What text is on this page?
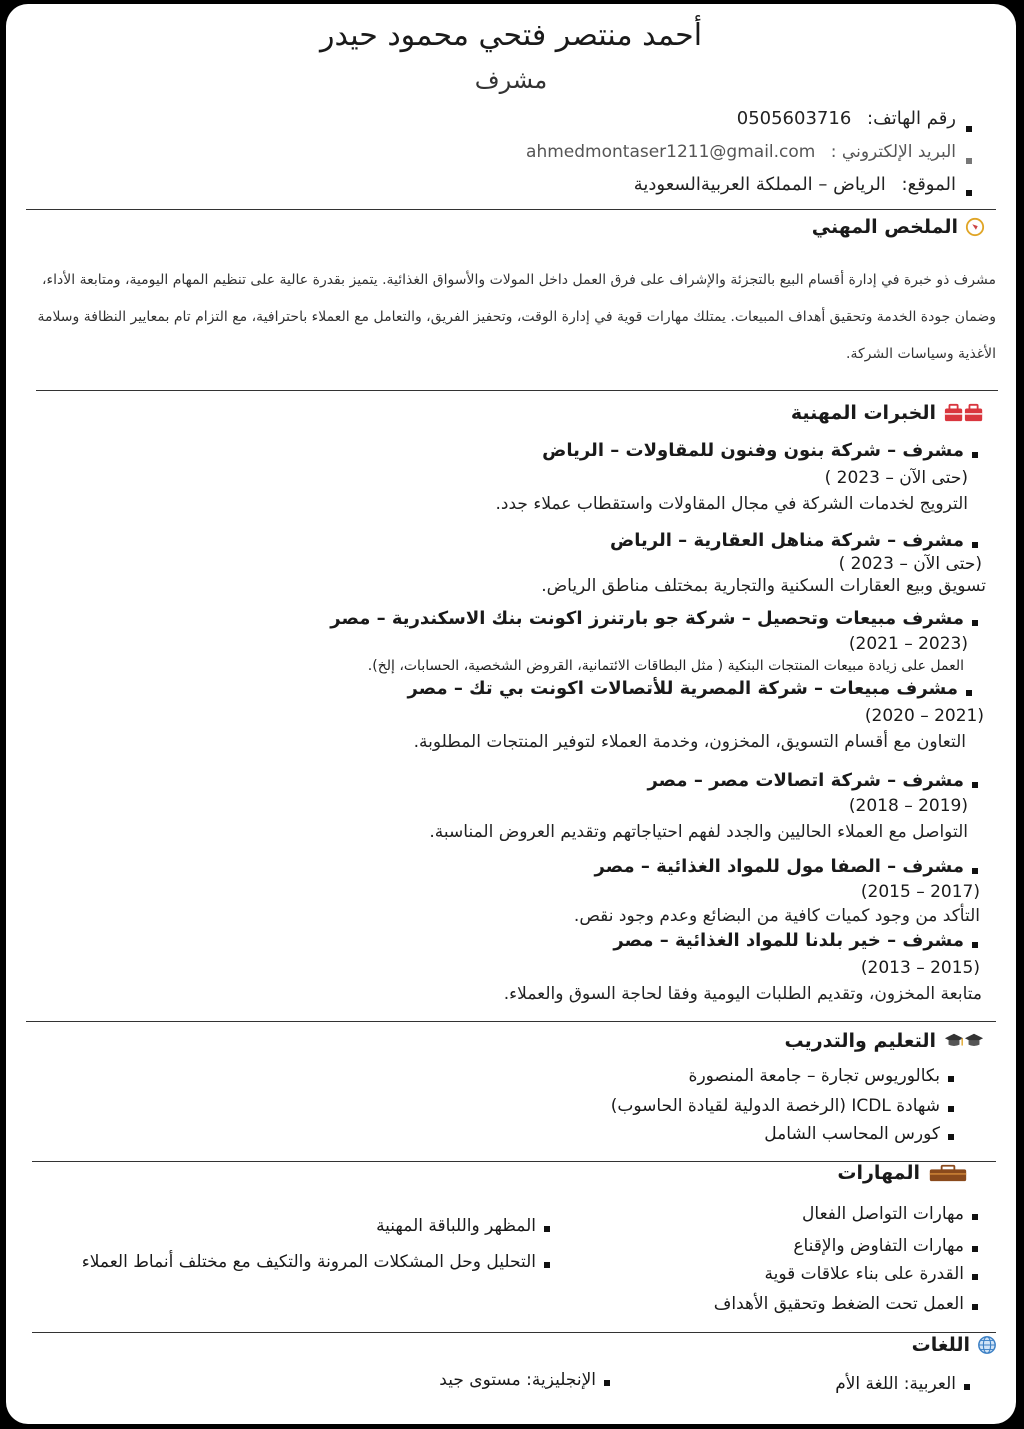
أحمد منتصر فتحي محمود حيدر
مشرف
رقم الهاتف: 0505603716
البريد الإلكتروني : ahmedmontaser1211@gmail.com
الموقع: الرياض – المملكة العربيةالسعودية
الملخص المهني
مشرف ذو خبرة في إدارة أقسام البيع بالتجزئة والإشراف على فرق العمل داخل المولات والأسواق الغذائية. يتميز بقدرة عالية على تنظيم المهام اليومية، ومتابعة الأداء، وضمان جودة الخدمة وتحقيق أهداف المبيعات. يمتلك مهارات قوية في إدارة الوقت، وتحفيز الفريق، والتعامل مع العملاء باحترافية، مع التزام تام بمعايير النظافة وسلامة الأغذية وسياسات الشركة.
الخبرات المهنية
مشرف – شركة بنون وفنون للمقاولات – الرياض
( 2023 – حتى الآن)
الترويج لخدمات الشركة في مجال المقاولات واستقطاب عملاء جدد.
مشرف – شركة مناهل العقارية – الرياض
( 2023 – حتى الآن)
تسويق وبيع العقارات السكنية والتجارية بمختلف مناطق الرياض.
مشرف مبيعات وتحصيل – شركة جو بارتنرز اكونت بنك الاسكندرية – مصر
(2021 – 2023)
العمل على زيادة مبيعات المنتجات البنكية ( مثل البطاقات الائتمانية، القروض الشخصية، الحسابات، إلخ).
مشرف مبيعات – شركة المصرية للأتصالات اكونت بي تك – مصر
(2020 – 2021)
التعاون مع أقسام التسويق، المخزون، وخدمة العملاء لتوفير المنتجات المطلوبة.
مشرف – شركة اتصالات مصر – مصر
(2018 – 2019)
التواصل مع العملاء الحاليين والجدد لفهم احتياجاتهم وتقديم العروض المناسبة.
مشرف – الصفا مول للمواد الغذائية – مصر
(2015 – 2017)
التأكد من وجود كميات كافية من البضائع وعدم وجود نقص.
مشرف – خير بلدنا للمواد الغذائية – مصر
(2013 – 2015)
متابعة المخزون، وتقديم الطلبات اليومية وفقا لحاجة السوق والعملاء.
التعليم والتدريب
بكالوريوس تجارة – جامعة المنصورة
شهادة ICDL (الرخصة الدولية لقيادة الحاسوب)
كورس المحاسب الشامل
المهارات
مهارات التواصل الفعال
مهارات التفاوض والإقناع
القدرة على بناء علاقات قوية
العمل تحت الضغط وتحقيق الأهداف
المظهر واللباقة المهنية
التحليل وحل المشكلات المرونة والتكيف مع مختلف أنماط العملاء
اللغات
العربية: اللغة الأم
الإنجليزية: مستوى جيد
